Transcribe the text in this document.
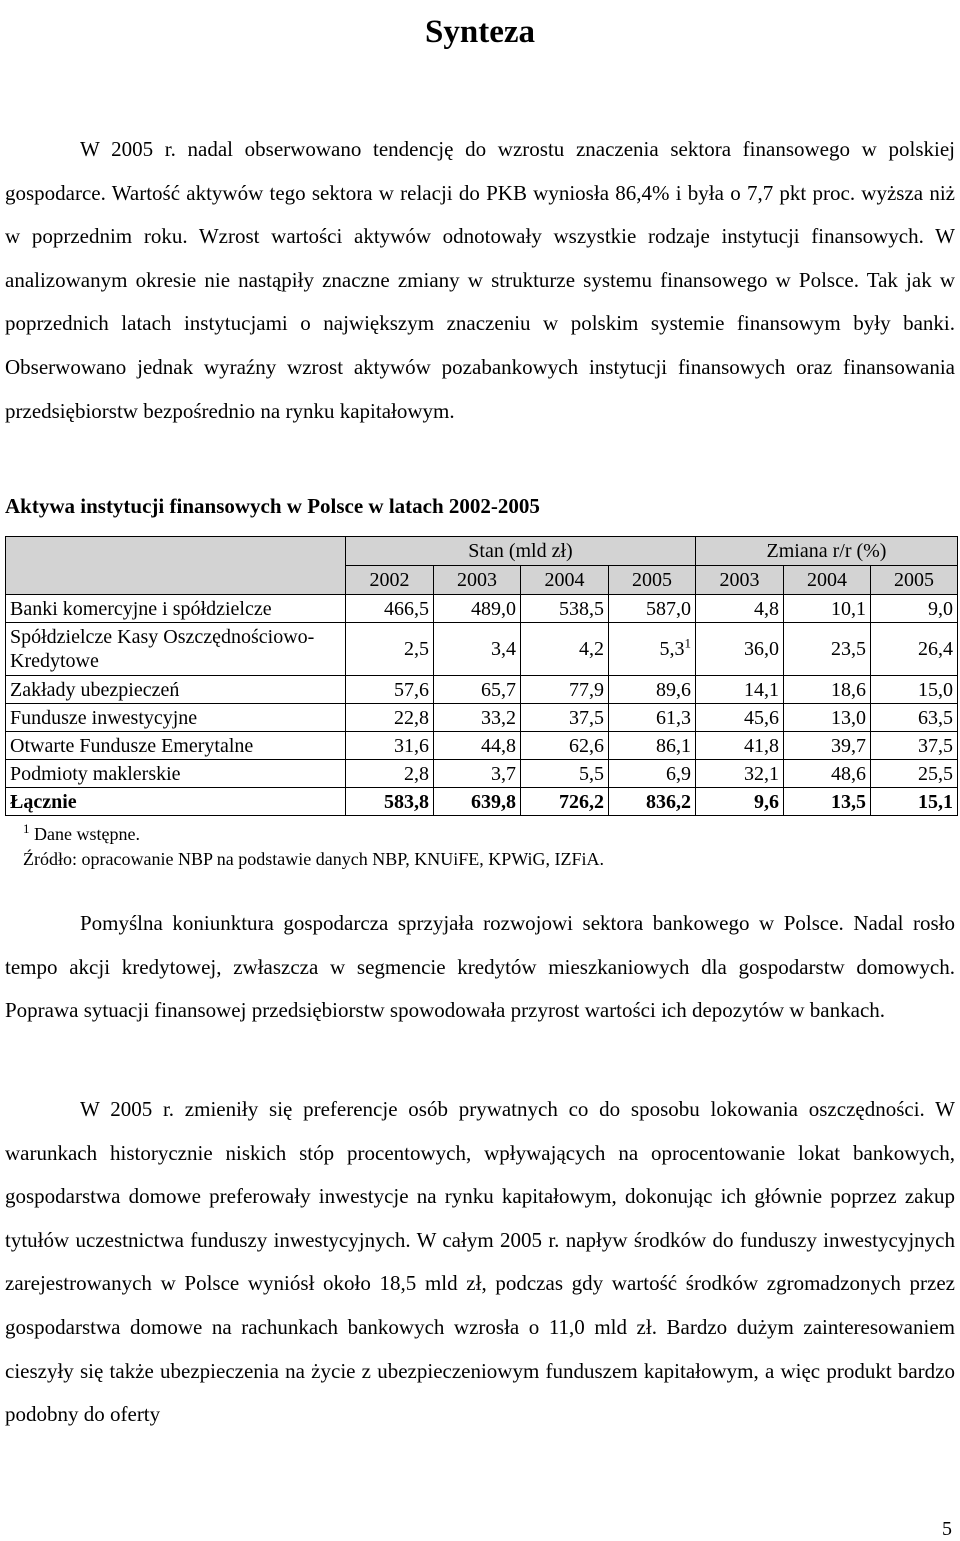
Synteza

W 2005 r. nadal obserwowano tendencję do wzrostu znaczenia sektora finansowego w polskiej gospodarce. Wartość aktywów tego sektora w relacji do PKB wyniosła 86,4% i była o 7,7 pkt proc. wyższa niż w poprzednim roku. Wzrost wartości aktywów odnotowały wszystkie rodzaje instytucji finansowych. W analizowanym okresie nie nastąpiły znaczne zmiany w strukturze systemu finansowego w Polsce. Tak jak w poprzednich latach instytucjami o największym znaczeniu w polskim systemie finansowym były banki. Obserwowano jednak wyraźny wzrost aktywów pozabankowych instytucji finansowych oraz finansowania przedsiębiorstw bezpośrednio na rynku kapitałowym.

Aktywa instytucji finansowych w Polsce w latach 2002-2005

	Stan (mld zł)				Zmiana r/r (%)		
	2002	2003	2004	2005	2003	2004	2005
Banki komercyjne i spółdzielcze	466,5	489,0	538,5	587,0	4,8	10,1	9,0
Spółdzielcze Kasy Oszczędnościowo-Kredytowe	2,5	3,4	4,2	$5,3^1$	36,0	23,5	26,4
Zakłady ubezpieczeń	57,6	65,7	77,9	89,6	14,1	18,6	15,0
Fundusze inwestycyjne	22,8	33,2	37,5	61,3	45,6	13,0	63,5
Otwarte Fundusze Emerytalne	31,6	44,8	62,6	86,1	41,8	39,7	37,5
Podmioty maklerskie	2,8	3,7	5,5	6,9	32,1	48,6	25,5
Łącznie	583,8	639,8	726,2	836,2	9,6	13,5	15,1

$^1$ Dane wstępne.

Źródło: opracowanie NBP na podstawie danych NBP, KNUiFE, KPWiG, IZFiA.

Pomyślna koniunktura gospodarcza sprzyjała rozwojowi sektora bankowego w Polsce. Nadal rosło tempo akcji kredytowej, zwłaszcza w segmencie kredytów mieszkaniowych dla gospodarstw domowych. Poprawa sytuacji finansowej przedsiębiorstw spowodowała przyrost wartości ich depozytów w bankach.

W 2005 r. zmieniły się preferencje osób prywatnych co do sposobu lokowania oszczędności. W warunkach historycznie niskich stóp procentowych, wpływających na oprocentowanie lokat bankowych, gospodarstwa domowe preferowały inwestycje na rynku kapitałowym, dokonując ich głównie poprzez zakup tytułów uczestnictwa funduszy inwestycyjnych. W całym 2005 r. napływ środków do funduszy inwestycyjnych zarejestrowanych w Polsce wyniósł około 18,5 mld zł, podczas gdy wartość środków zgromadzonych przez gospodarstwa domowe na rachunkach bankowych wzrosła o 11,0 mld zł. Bardzo dużym zainteresowaniem cieszyły się także ubezpieczenia na życie z ubezpieczeniowym funduszem kapitałowym, a więc produkt bardzo podobny do oferty

5
